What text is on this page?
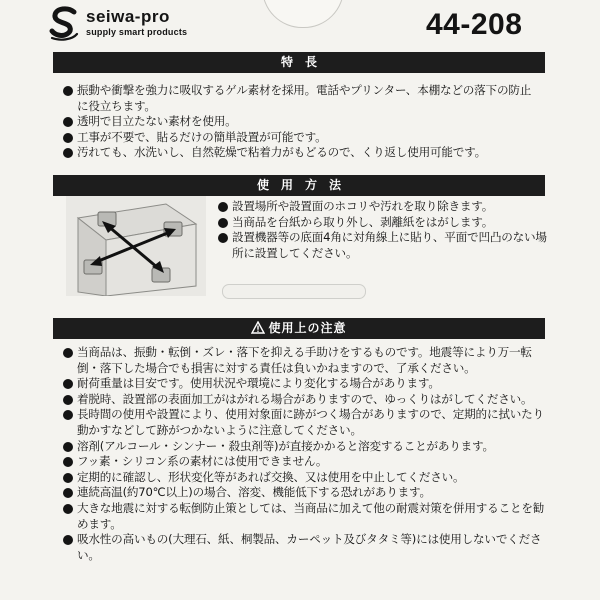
seiwa-pro
supply smart products	44-208
特長
振動や衝撃を強力に吸収するゲル素材を採用。電話やプリンター、本棚などの落下の防止に役立ちます。
透明で目立たない素材を使用。
工事が不要で、貼るだけの簡単設置が可能です。
汚れても、水洗いし、自然乾燥で粘着力がもどるので、くり返し使用可能です。
使用方法
設置場所や設置面のホコリや汚れを取り除きます。
当商品を台紙から取り外し、剥離紙をはがします。
設置機器等の底面4角に対角線上に貼り、平面で凹凸のない場所に設置してください。
使用上の注意
当商品は、振動・転倒・ズレ・落下を抑える手助けをするものです。地震等により万一転倒・落下した場合でも損害に対する責任は負いかねますので、了承ください。
耐荷重量は目安です。使用状況や環境により変化する場合があります。
着脱時、設置部の表面加工がはがれる場合がありますので、ゆっくりはがしてください。
長時間の使用や設置により、使用対象面に跡がつく場合がありますので、定期的に拭いたり動かすなどして跡がつかないように注意してください。
溶剤(アルコール・シンナー・殺虫剤等)が直接かかると溶変することがあります。
フッ素・シリコン系の素材には使用できません。
定期的に確認し、形状変化等があれば交換、又は使用を中止してください。
連続高温(約70℃以上)の場合、溶変、機能低下する恐れがあります。
大きな地震に対する転倒防止策としては、当商品に加えて他の耐震対策を併用することを勧めます。
吸水性の高いもの(大理石、紙、桐製品、カーペット及びタタミ等)には使用しないでください。
